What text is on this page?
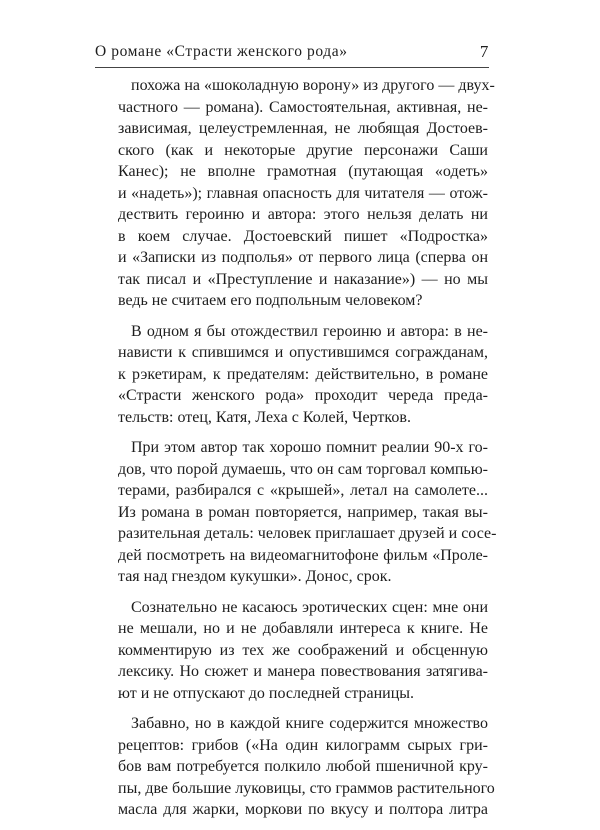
О романе «Страсти женского рода»	7
похожа на «шоколадную ворону» из другого — двух-
частного — романа). Самостоятельная, активная, не-
зависимая, целеустремленная, не любящая Достоев-
ского (как и некоторые другие персонажи Саши
Канес); не вполне грамотная (путающая «одеть»
и «надеть»); главная опасность для читателя — отож-
дествить героиню и автора: этого нельзя делать ни
в коем случае. Достоевский пишет «Подростка»
и «Записки из подполья» от первого лица (сперва он
так писал и «Преступление и наказание») — но мы
ведь не считаем его подпольным человеком?
В одном я бы отождествил героиню и автора: в не-
нависти к спившимся и опустившимся согражданам,
к рэкетирам, к предателям: действительно, в романе
«Страсти женского рода» проходит череда преда-
тельств: отец, Катя, Леха с Колей, Чертков.
При этом автор так хорошо помнит реалии 90-х го-
дов, что порой думаешь, что он сам торговал компью-
терами, разбирался с «крышей», летал на самолете...
Из романа в роман повторяется, например, такая вы-
разительная деталь: человек приглашает друзей и сосе-
дей посмотреть на видеомагнитофоне фильм «Проле-
тая над гнездом кукушки». Донос, срок.
Сознательно не касаюсь эротических сцен: мне они
не мешали, но и не добавляли интереса к книге. Не
комментирую из тех же соображений и обсценную
лексику. Но сюжет и манера повествования затягива-
ют и не отпускают до последней страницы.
Забавно, но в каждой книге содержится множество
рецептов: грибов («На один килограмм сырых гри-
бов вам потребуется полкило любой пшеничной кру-
пы, две большие луковицы, сто граммов растительного
масла для жарки, моркови по вкусу и полтора литра
